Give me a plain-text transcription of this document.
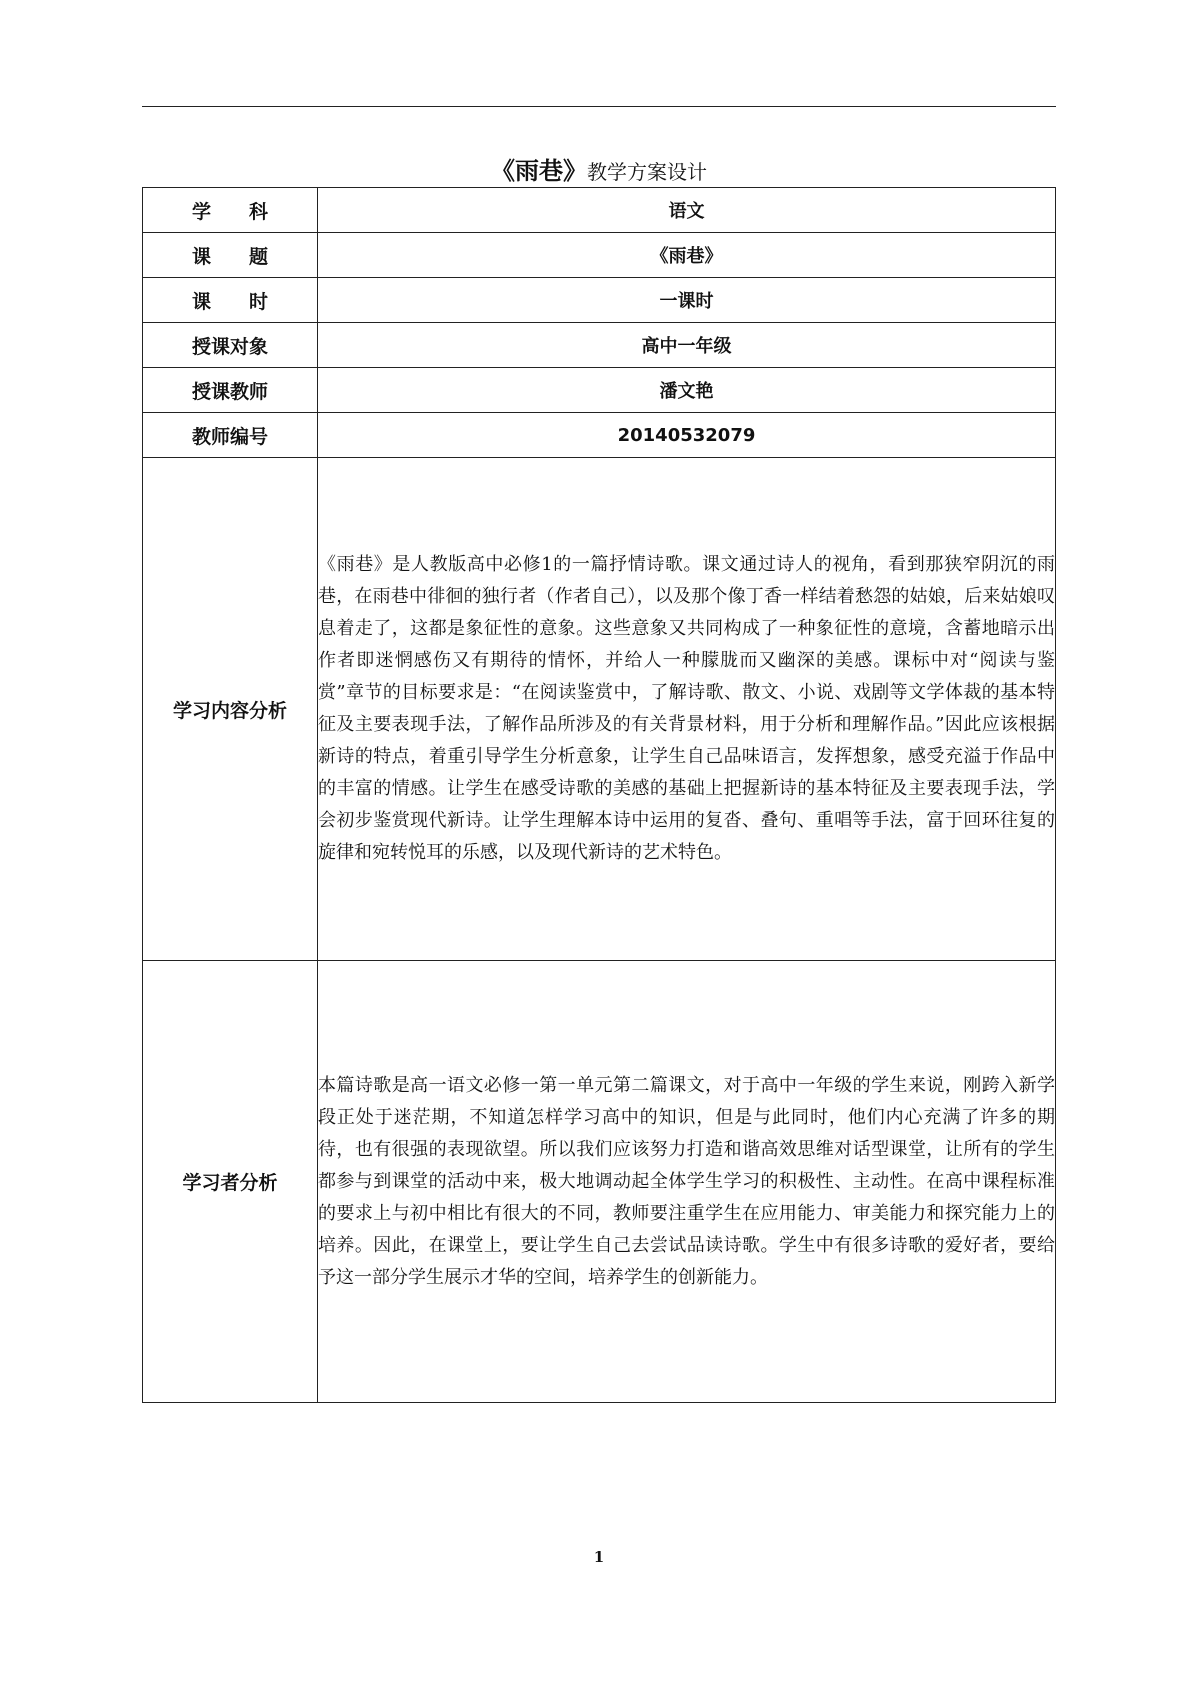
《雨巷》教学方案设计
学　　科	语文
课　　题	《雨巷》
课　　时	一课时
授课对象	高中一年级
授课教师	潘文艳
教师编号	20140532079
学习内容分析	《雨巷》是人教版高中必修1的一篇抒情诗歌。课文通过诗人的视角，看到那狭窄阴沉的雨巷，在雨巷中徘徊的独行者（作者自己），以及那个像丁香一样结着愁怨的姑娘，后来姑娘叹息着走了，这都是象征性的意象。这些意象又共同构成了一种象征性的意境，含蓄地暗示出作者即迷惘感伤又有期待的情怀，并给人一种朦胧而又幽深的美感。课标中对“阅读与鉴赏”章节的目标要求是：“在阅读鉴赏中，了解诗歌、散文、小说、戏剧等文学体裁的基本特征及主要表现手法，了解作品所涉及的有关背景材料，用于分析和理解作品。”因此应该根据新诗的特点，着重引导学生分析意象，让学生自己品味语言，发挥想象，感受充溢于作品中的丰富的情感。让学生在感受诗歌的美感的基础上把握新诗的基本特征及主要表现手法，学会初步鉴赏现代新诗。让学生理解本诗中运用的复沓、叠句、重唱等手法，富于回环往复的旋律和宛转悦耳的乐感，以及现代新诗的艺术特色。
学习者分析	本篇诗歌是高一语文必修一第一单元第二篇课文，对于高中一年级的学生来说，刚跨入新学段正处于迷茫期，不知道怎样学习高中的知识，但是与此同时，他们内心充满了许多的期待，也有很强的表现欲望。所以我们应该努力打造和谐高效思维对话型课堂，让所有的学生都参与到课堂的活动中来，极大地调动起全体学生学习的积极性、主动性。在高中课程标准的要求上与初中相比有很大的不同，教师要注重学生在应用能力、审美能力和探究能力上的培养。因此，在课堂上，要让学生自己去尝试品读诗歌。学生中有很多诗歌的爱好者，要给予这一部分学生展示才华的空间，培养学生的创新能力。
1
